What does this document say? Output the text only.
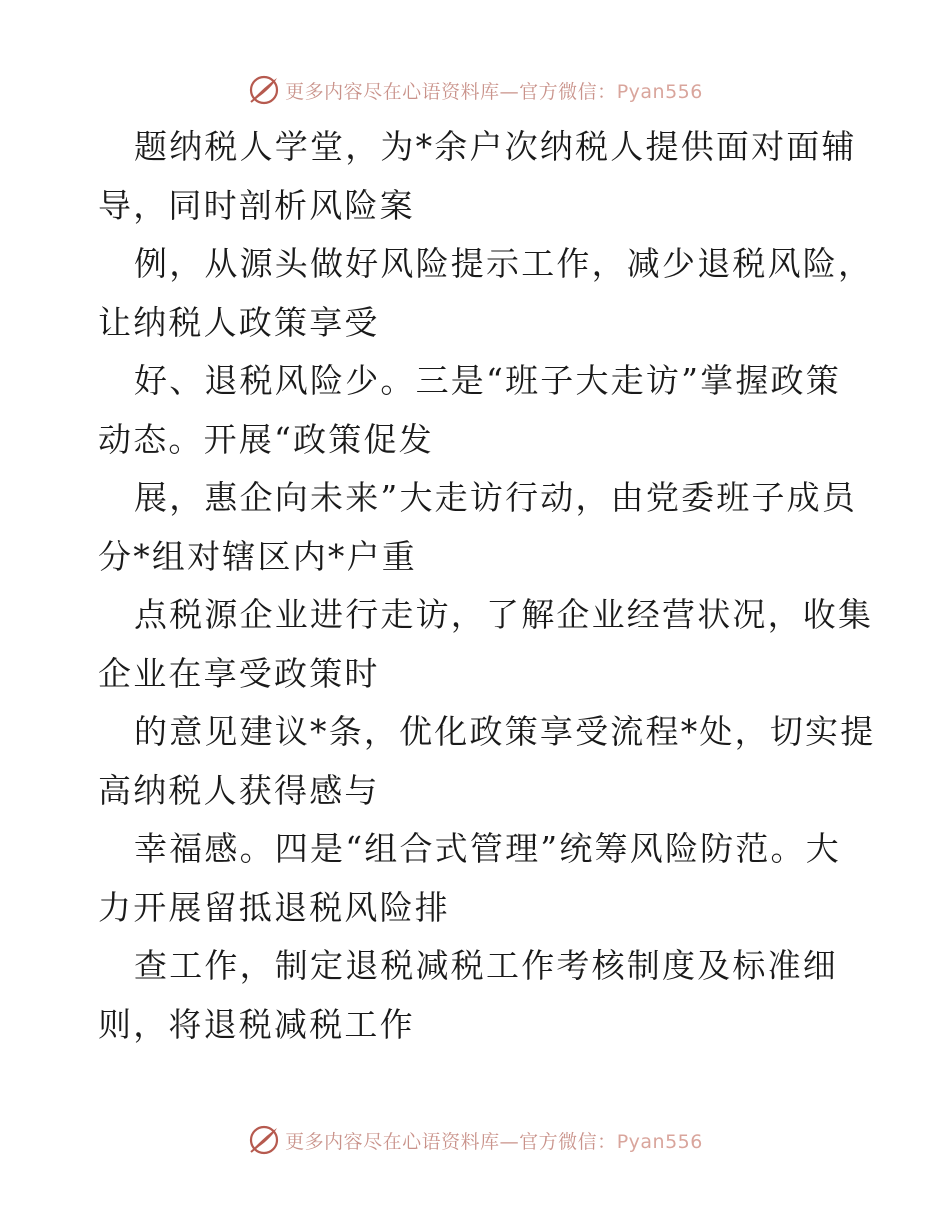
更多内容尽在心语资料库—官方微信：Pyan556
题纳税人学堂，为*余户次纳税人提供面对面辅
导，同时剖析风险案
例，从源头做好风险提示工作，减少退税风险，
让纳税人政策享受
好、退税风险少。三是“班子大走访”掌握政策
动态。开展“政策促发
展，惠企向未来”大走访行动，由党委班子成员
分*组对辖区内*户重
点税源企业进行走访，了解企业经营状况，收集
企业在享受政策时
的意见建议*条，优化政策享受流程*处，切实提
高纳税人获得感与
幸福感。四是“组合式管理”统筹风险防范。大
力开展留抵退税风险排
查工作，制定退税减税工作考核制度及标准细
则，将退税减税工作
更多内容尽在心语资料库—官方微信：Pyan556
